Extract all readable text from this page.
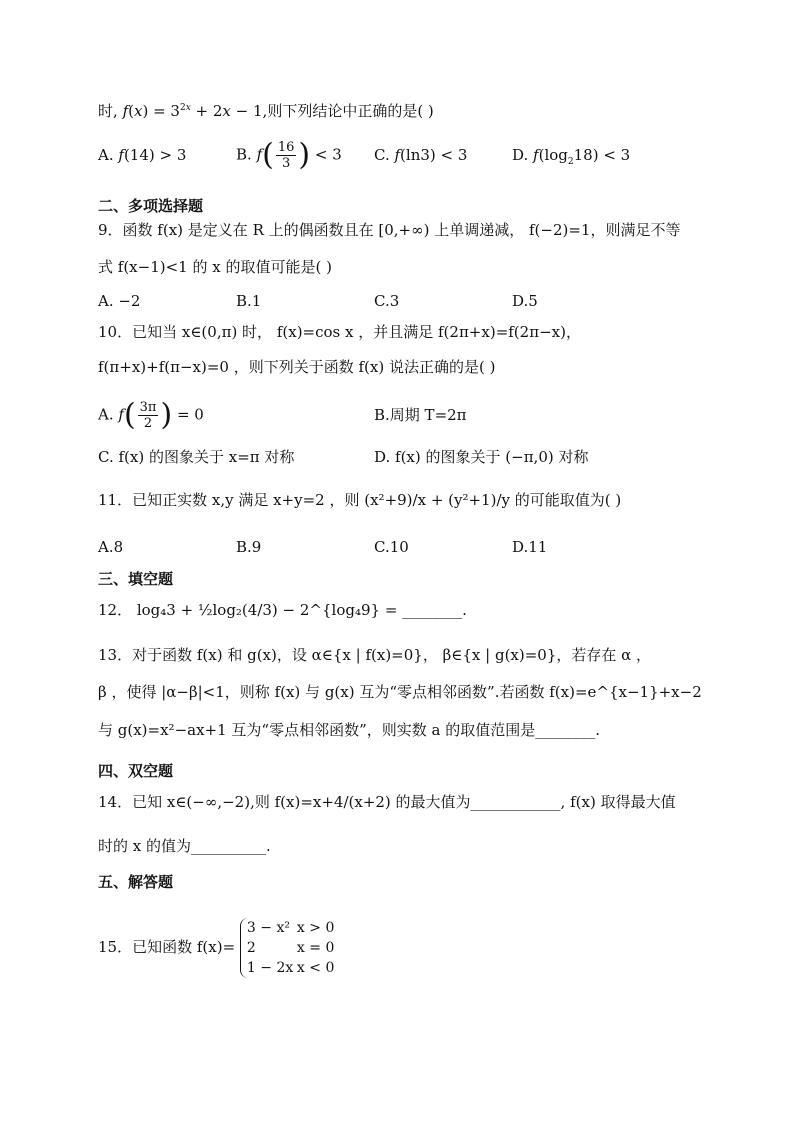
时, $f(x) = 3^{2x} + 2x - 1$,则下列结论中正确的是( )
A. f(14) > 3	B. $f( \frac{16}{3}$ ) < 3 C. f(ln3) < 3	D. $f(\log_218) < 3$
二、多项选择题
9．函数 f(x) 是定义在 R 上的偶函数且在 [0,+∞) 上单调递减， f(−2)=1，则满足不等
式 f(x−1)<1 的 x 的取值可能是( )
A. −2	B.1	C.3	D.5
10．已知当 x∈(0,π) 时， f(x)=cos x ，并且满足 f(2π+x)=f(2π−x)，
f(π+x)+f(π−x)=0 ，则下列关于函数 f(x) 说法正确的是( )
A. $f( \frac{3\pi}{2}$ ) = 0	B.周期 T=2π
C. f(x) 的图象关于 x=π 对称	D. f(x) 的图象关于 (−π,0) 对称
11．已知正实数 x,y 满足 x+y=2 ，则 (x²+9)/x + (y²+1)/y 的可能取值为( )
A.8	B.9	C.10	D.11
三、填空题
12． log₄3 + ½log₂(4/3) − 2^{log₄9} = ________.
13．对于函数 f(x) 和 g(x)，设 α∈{x | f(x)=0}， β∈{x | g(x)=0}，若存在 α ，
β ，使得 |α−β|<1，则称 f(x) 与 g(x) 互为“零点相邻函数”.若函数 f(x)=e^{x−1}+x−2
与 g(x)=x²−ax+1 互为“零点相邻函数”，则实数 a 的取值范围是________.
四、双空题
14．已知 x∈(−∞,−2),则 f(x)=x+4/(x+2) 的最大值为____________, f(x) 取得最大值
时的 x 的值为__________.
五、解答题
15．已知函数 f(x)=
3 − x² x > 0
2	x = 0
1 − 2x x < 0
